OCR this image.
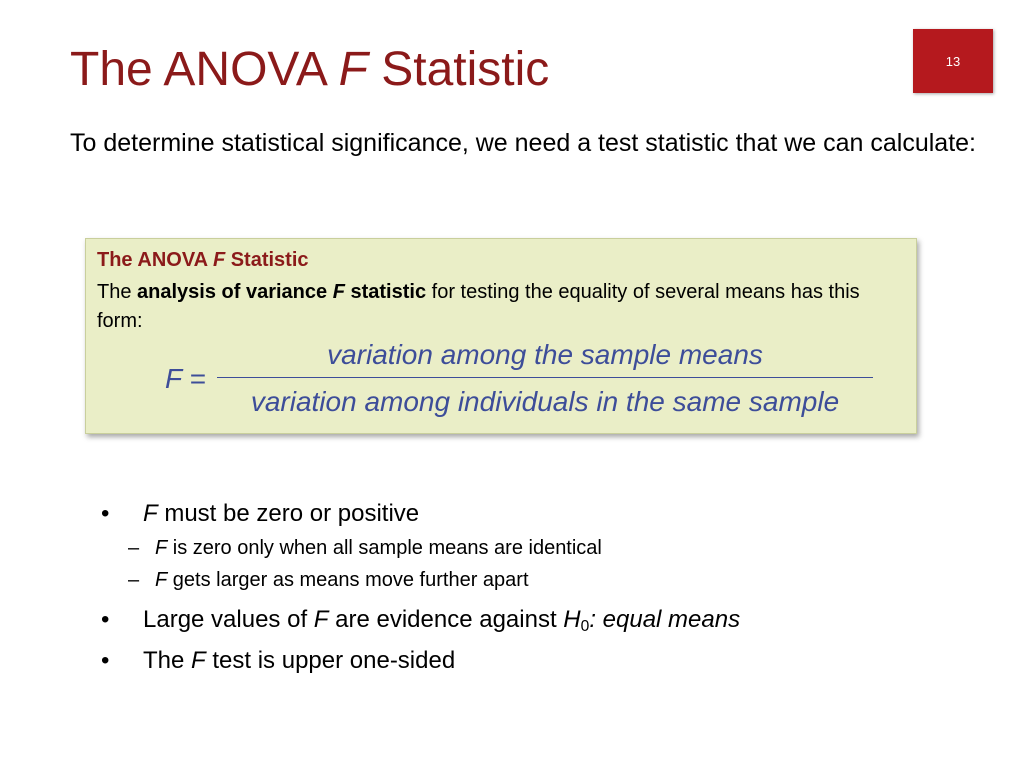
The ANOVA F Statistic	13

To determine statistical significance, we need a test statistic that we can calculate:

The ANOVA F Statistic
The analysis of variance F statistic for testing the equality of several means has this form:
F =
variation among the sample means
variation among individuals in the same sample
• F must be zero or positive
– F is zero only when all sample means are identical
– F gets larger as means move further apart
• Large values of F are evidence against $H_0$: equal means
• The F test is upper one-sided
